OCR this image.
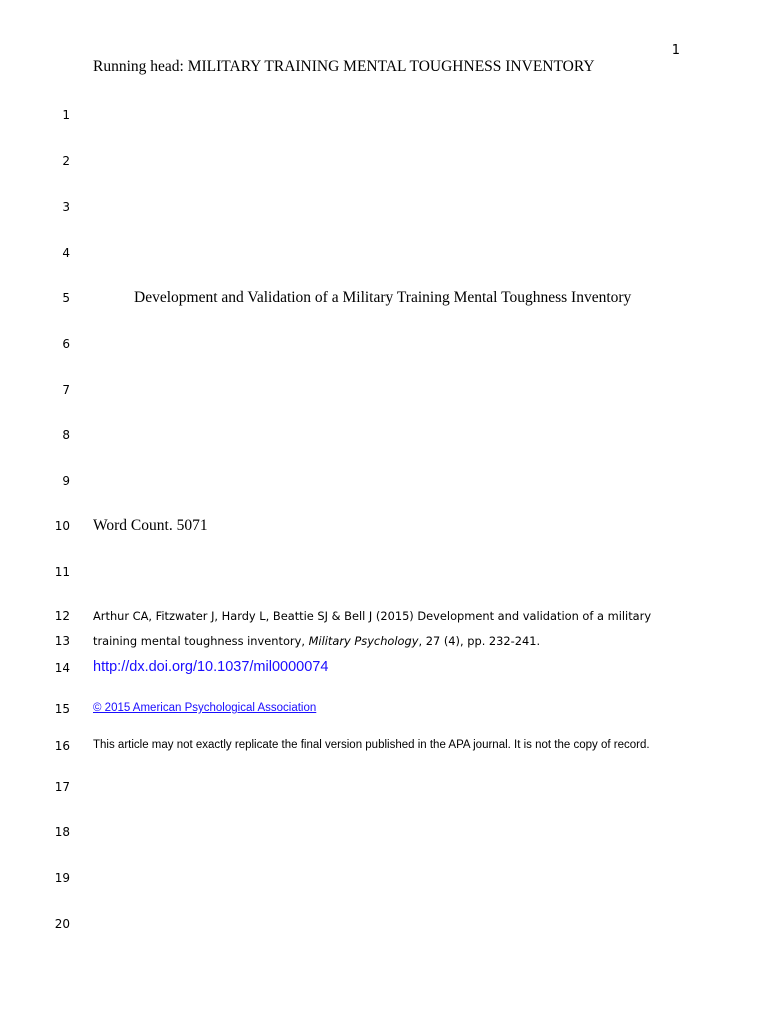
1
Running head: MILITARY TRAINING MENTAL TOUGHNESS INVENTORY
1
2
3
4
5
6
7
8
9
10
11
12
13
14
15
16
17
18
19
20
Development and Validation of a Military Training Mental Toughness Inventory
Word Count. 5071
Arthur CA, Fitzwater J, Hardy L, Beattie SJ & Bell J (2015) Development and validation of a military
training mental toughness inventory, Military Psychology, 27 (4), pp. 232-241.
http://dx.doi.org/10.1037/mil0000074
© 2015 American Psychological Association
This article may not exactly replicate the final version published in the APA journal. It is not the copy of record.
